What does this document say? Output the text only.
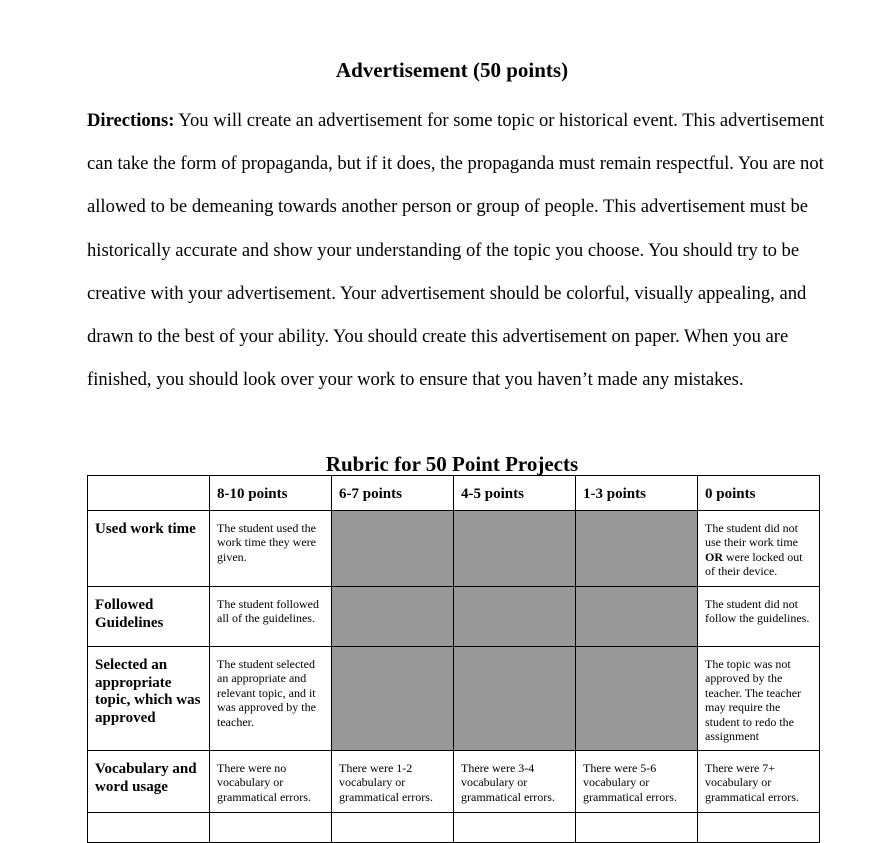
Advertisement (50 points)
Directions: You will create an advertisement for some topic or historical event. This advertisement can take the form of propaganda, but if it does, the propaganda must remain respectful. You are not allowed to be demeaning towards another person or group of people. This advertisement must be historically accurate and show your understanding of the topic you choose. You should try to be creative with your advertisement. Your advertisement should be colorful, visually appealing, and drawn to the best of your ability. You should create this advertisement on paper. When you are finished, you should look over your work to ensure that you haven’t made any mistakes.
Rubric for 50 Point Projects
	8-10 points	6-7 points	4-5 points	1-3 points	0 points
Used work time	The student used the work time they were given.				The student did not use their work time OR were locked out of their device.
Followed Guidelines	The student followed all of the guidelines.				The student did not follow the guidelines.
Selected an appropriate topic, which was approved	The student selected an appropriate and relevant topic, and it was approved by the teacher.				The topic was not approved by the teacher. The teacher may require the student to redo the assignment
Vocabulary and word usage	There were no vocabulary or grammatical errors.	There were 1-2 vocabulary or grammatical errors.	There were 3-4 vocabulary or grammatical errors.	There were 5-6 vocabulary or grammatical errors.	There were 7+ vocabulary or grammatical errors.
